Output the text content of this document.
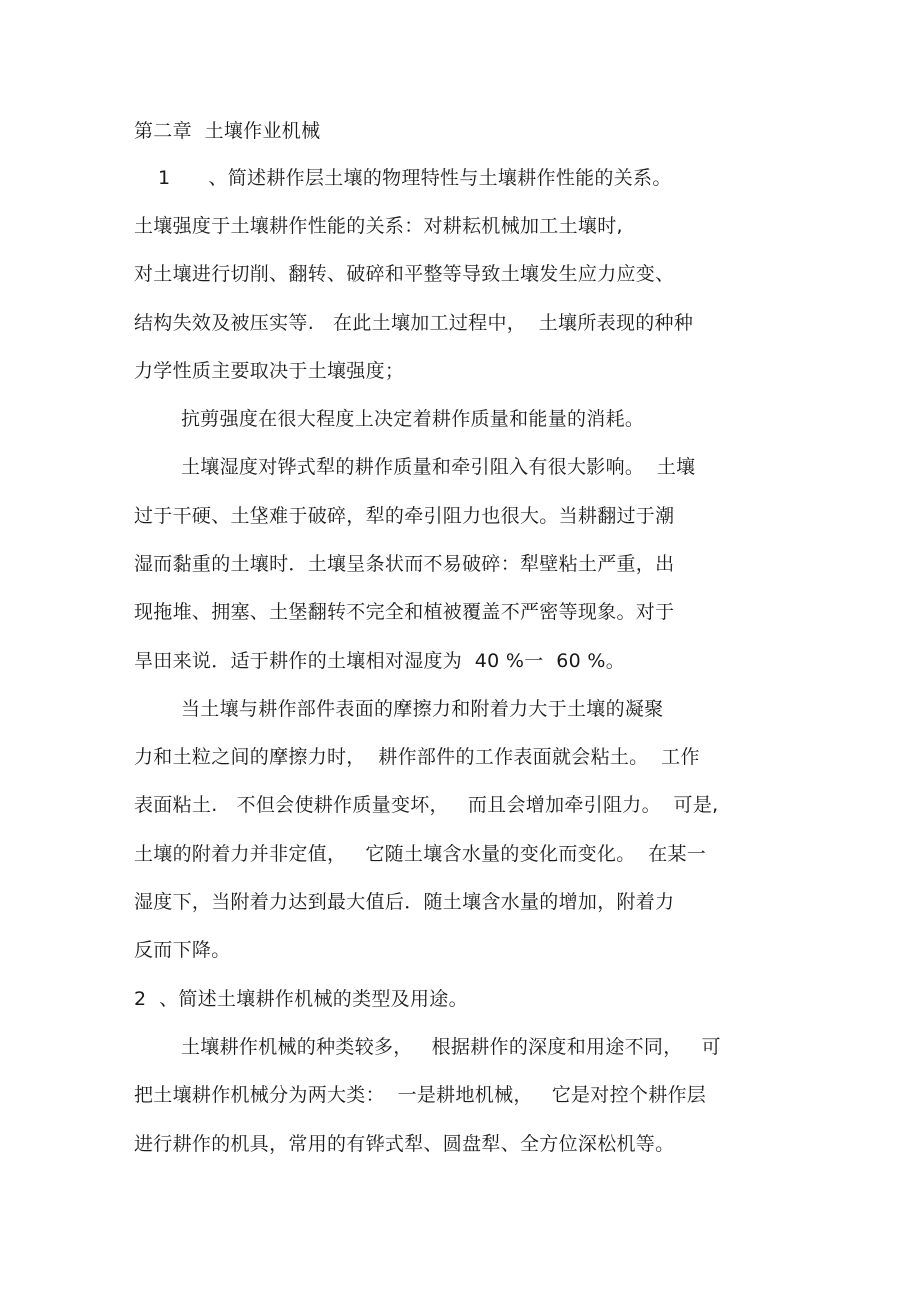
第二章  土壤作业机械
1      、简述耕作层土壤的物理特性与土壤耕作性能的关系。
土壤强度于土壤耕作性能的关系：对耕耘机械加工土壤时,
对土壤进行切削、翻转、破碎和平整等导致土壤发生应力应变、
结构失效及被压实等.   在此土壤加工过程中，  土壤所表现的种种
力学性质主要取决于土壤强度；
抗剪强度在很大程度上决定着耕作质量和能量的消耗。
土壤湿度对铧式犁的耕作质量和牵引阻入有很大影响。  土壤
过于干硬、土垡难于破碎，犁的牵引阻力也很大。当耕翻过于潮
湿而黏重的土壤时．土壤呈条状而不易破碎：犁壁粘土严重，出
现拖堆、拥塞、土堡翻转不完全和植被覆盖不严密等现象。对于
旱田来说．适于耕作的土壤相对湿度为  40 %一  60 %。
当土壤与耕作部件表面的摩擦力和附着力大于土壤的凝聚
力和土粒之间的摩擦力时，  耕作部件的工作表面就会粘土。  工作
表面粘土.   不但会使耕作质量变坏，   而且会增加牵引阻力。  可是,
土壤的附着力并非定值，   它随土壤含水量的变化而变化。  在某一
湿度下，当附着力达到最大值后．随土壤含水量的增加，附着力
反而下降。
2  、简述土壤耕作机械的类型及用途。
土壤耕作机械的种类较多，   根据耕作的深度和用途不同，   可
把土壤耕作机械分为两大类：  一是耕地机械，   它是对控个耕作层
进行耕作的机具，常用的有铧式犁、圆盘犁、全方位深松机等。
